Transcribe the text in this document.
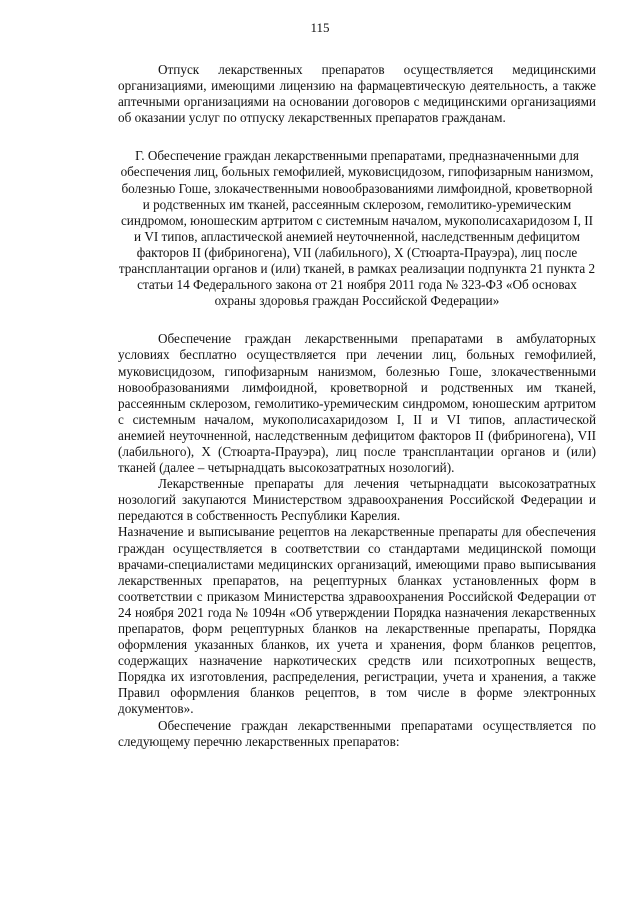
115

Отпуск лекарственных препаратов осуществляется медицинскими организациями, имеющими лицензию на фармацевтическую деятельность, а также аптечными организациями на основании договоров с медицинскими организациями об оказании услуг по отпуску лекарственных препаратов гражданам.

Г. Обеспечение граждан лекарственными препаратами, предназначенными для обеспечения лиц, больных гемофилией, муковисцидозом, гипофизарным нанизмом, болезнью Гоше, злокачественными новообразованиями лимфоидной, кроветворной и родственных им тканей, рассеянным склерозом, гемолитико-уремическим синдромом, юношеским артритом с системным началом, мукополисахаридозом I, II и VI типов, апластической анемией неуточненной, наследственным дефицитом факторов II (фибриногена), VII (лабильного), X (Стюарта-Прауэра), лиц после трансплантации органов и (или) тканей, в рамках реализации подпункта 21 пункта 2 статьи 14 Федерального закона от 21 ноября 2011 года № 323-ФЗ «Об основах охраны здоровья граждан Российской Федерации»

Обеспечение граждан лекарственными препаратами в амбулаторных условиях бесплатно осуществляется при лечении лиц, больных гемофилией, муковисцидозом, гипофизарным нанизмом, болезнью Гоше, злокачественными новообразованиями лимфоидной, кроветворной и родственных им тканей, рассеянным склерозом, гемолитико-уремическим синдромом, юношеским артритом с системным началом, мукополисахаридозом I, II и VI типов, апластической анемией неуточненной, наследственным дефицитом факторов II (фибриногена), VII (лабильного), X (Стюарта-Прауэра), лиц после трансплантации органов и (или) тканей (далее – четырнадцать высокозатратных нозологий).

Лекарственные препараты для лечения четырнадцати высокозатратных нозологий закупаются Министерством здравоохранения Российской Федерации и передаются в собственность Республики Карелия.

Назначение и выписывание рецептов на лекарственные препараты для обеспечения граждан осуществляется в соответствии со стандартами медицинской помощи врачами-специалистами медицинских организаций, имеющими право выписывания лекарственных препаратов, на рецептурных бланках установленных форм в соответствии с приказом Министерства здравоохранения Российской Федерации от 24 ноября 2021 года № 1094н «Об утверждении Порядка назначения лекарственных препаратов, форм рецептурных бланков на лекарственные препараты, Порядка оформления указанных бланков, их учета и хранения, форм бланков рецептов, содержащих назначение наркотических средств или психотропных веществ, Порядка их изготовления, распределения, регистрации, учета и хранения, а также Правил оформления бланков рецептов, в том числе в форме электронных документов».

Обеспечение граждан лекарственными препаратами осуществляется по следующему перечню лекарственных препаратов:
